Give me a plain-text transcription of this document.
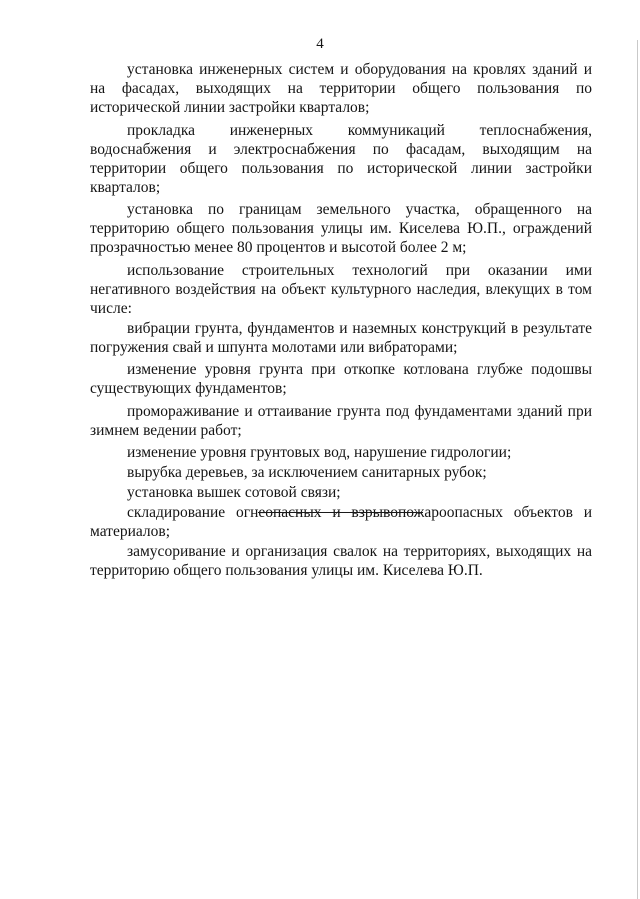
4

установка инженерных систем и оборудования на кровлях зданий и на фасадах, выходящих на территории общего пользования по исторической линии застройки кварталов;

прокладка инженерных коммуникаций теплоснабжения, водоснабжения и электроснабжения по фасадам, выходящим на территории общего пользования по исторической линии застройки кварталов;

установка по границам земельного участка, обращенного на территорию общего пользования улицы им. Киселева Ю.П., ограждений прозрачностью менее 80 процентов и высотой более 2 м;

использование строительных технологий при оказании ими негативного воздействия на объект культурного наследия, влекущих в том числе:

вибрации грунта, фундаментов и наземных конструкций в результате погружения свай и шпунта молотами или вибраторами;

изменение уровня грунта при откопке котлована глубже подошвы существующих фундаментов;

промораживание и оттаивание грунта под фундаментами зданий при зимнем ведении работ;

изменение уровня грунтовых вод, нарушение гидрологии;

вырубка деревьев, за исключением санитарных рубок;

установка вышек сотовой связи;

складирование огнеопасных и взрывопожароопасных объектов и материалов;

замусоривание и организация свалок на территориях, выходящих на территорию общего пользования улицы им. Киселева Ю.П.
